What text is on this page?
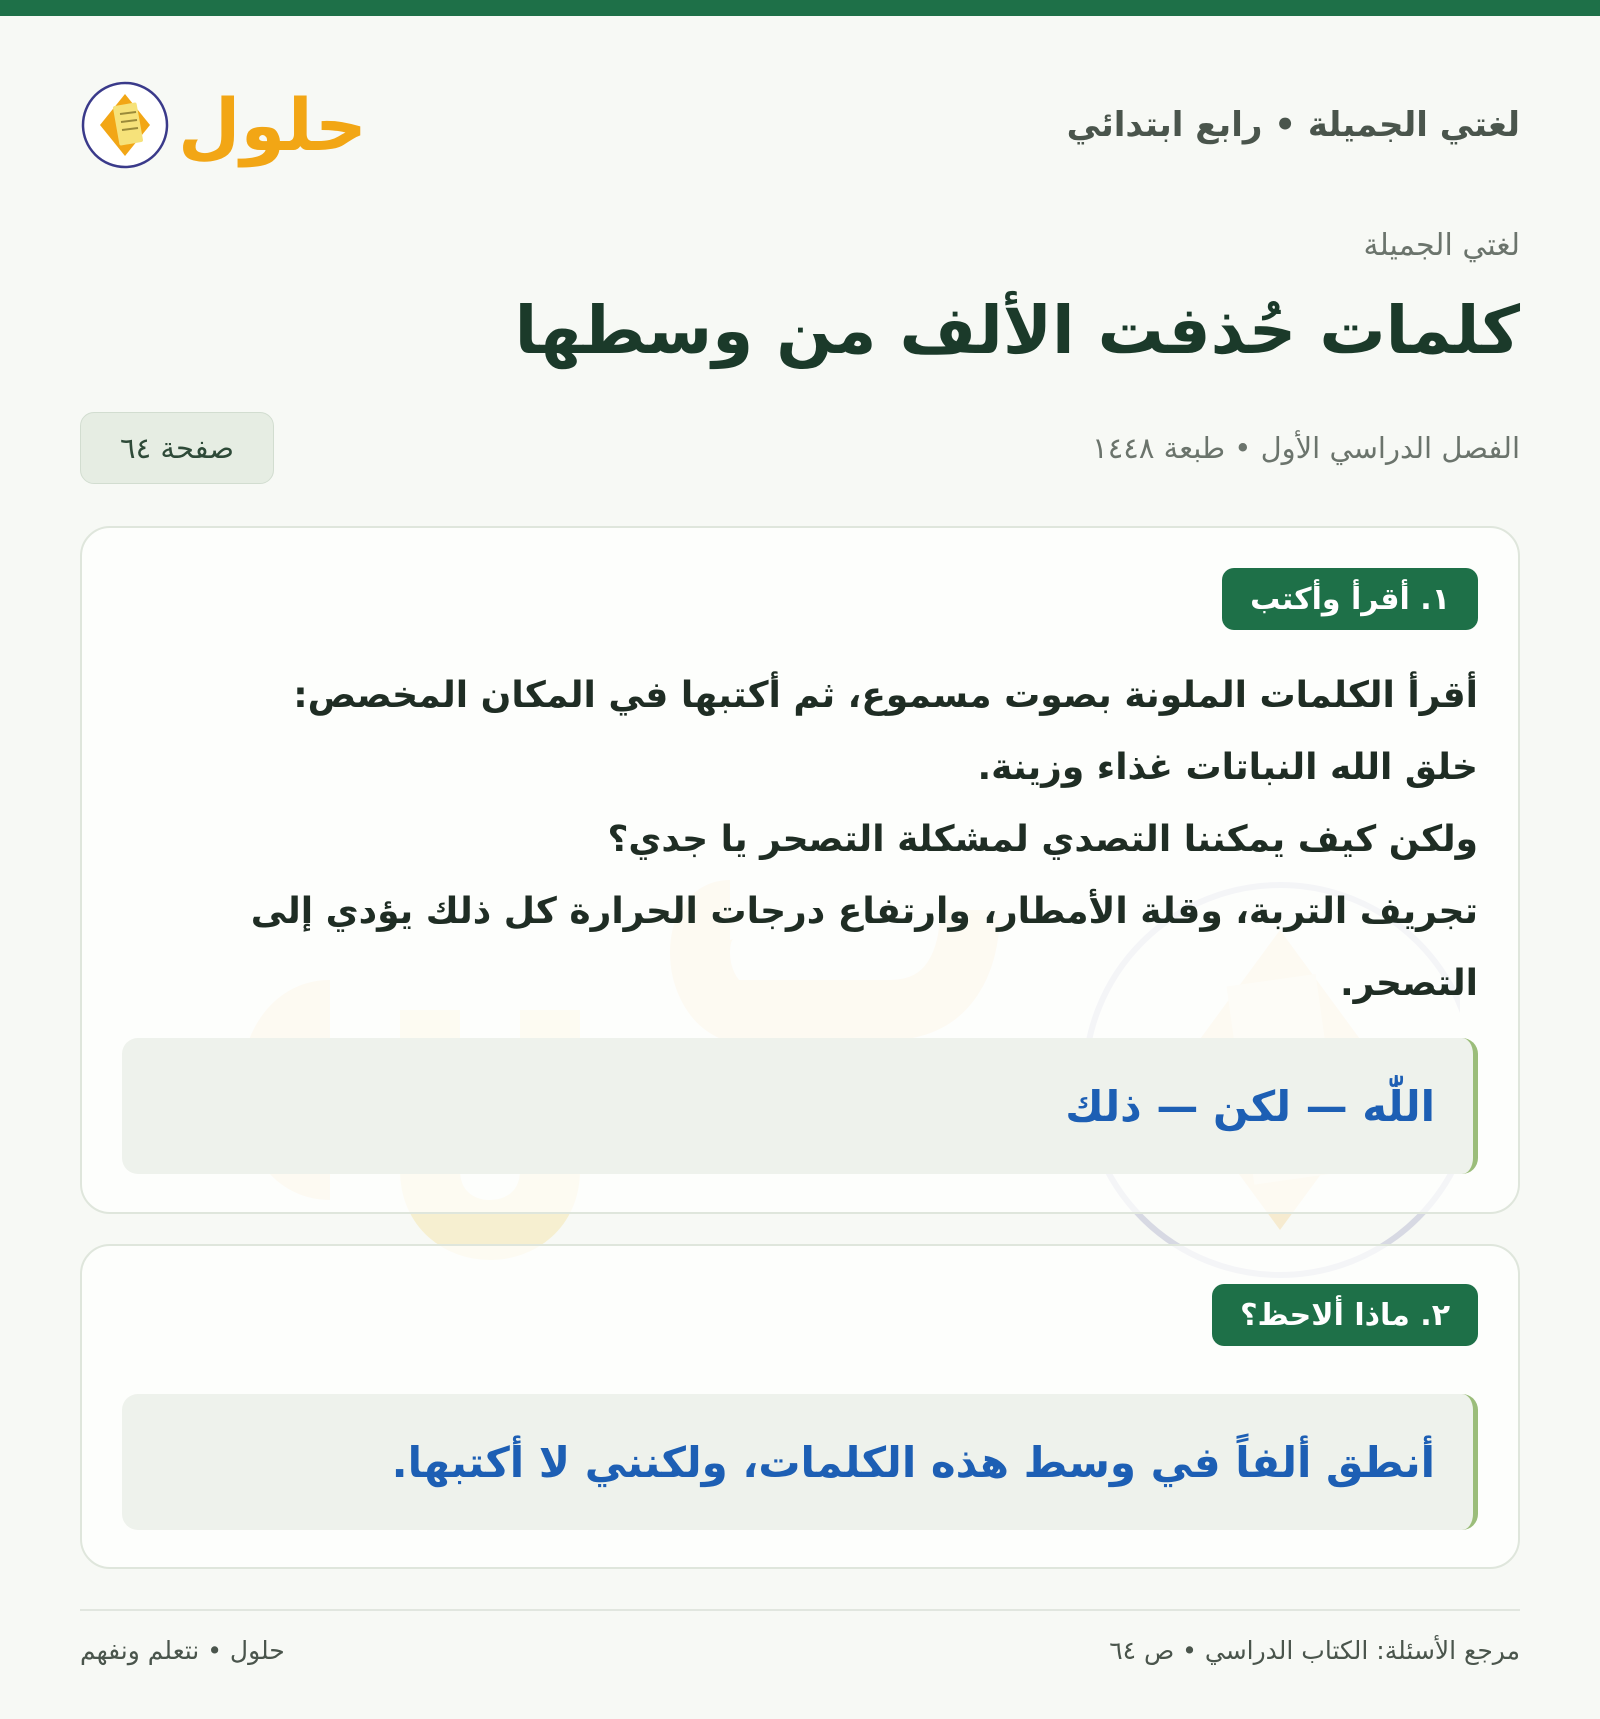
لغتي الجميلة • رابع ابتدائي
حلول
لغتي الجميلة
كلمات حُذفت الألف من وسطها
الفصل الدراسي الأول • طبعة ١٤٤٨
صفحة ٦٤
١. أقرأ وأكتب
أقرأ الكلمات الملونة بصوت مسموع، ثم أكتبها في المكان المخصص:
خلق الله النباتات غذاء وزينة.
ولكن كيف يمكننا التصدي لمشكلة التصحر يا جدي؟
تجريف التربة، وقلة الأمطار، وارتفاع درجات الحرارة كل ذلك يؤدي إلى
التصحر.
اللّٰه — لكن — ذلك
٢. ماذا ألاحظ؟
أنطق ألفاً في وسط هذه الكلمات، ولكنني لا أكتبها.
مرجع الأسئلة: الكتاب الدراسي • ص ٦٤
حلول • نتعلم ونفهم
